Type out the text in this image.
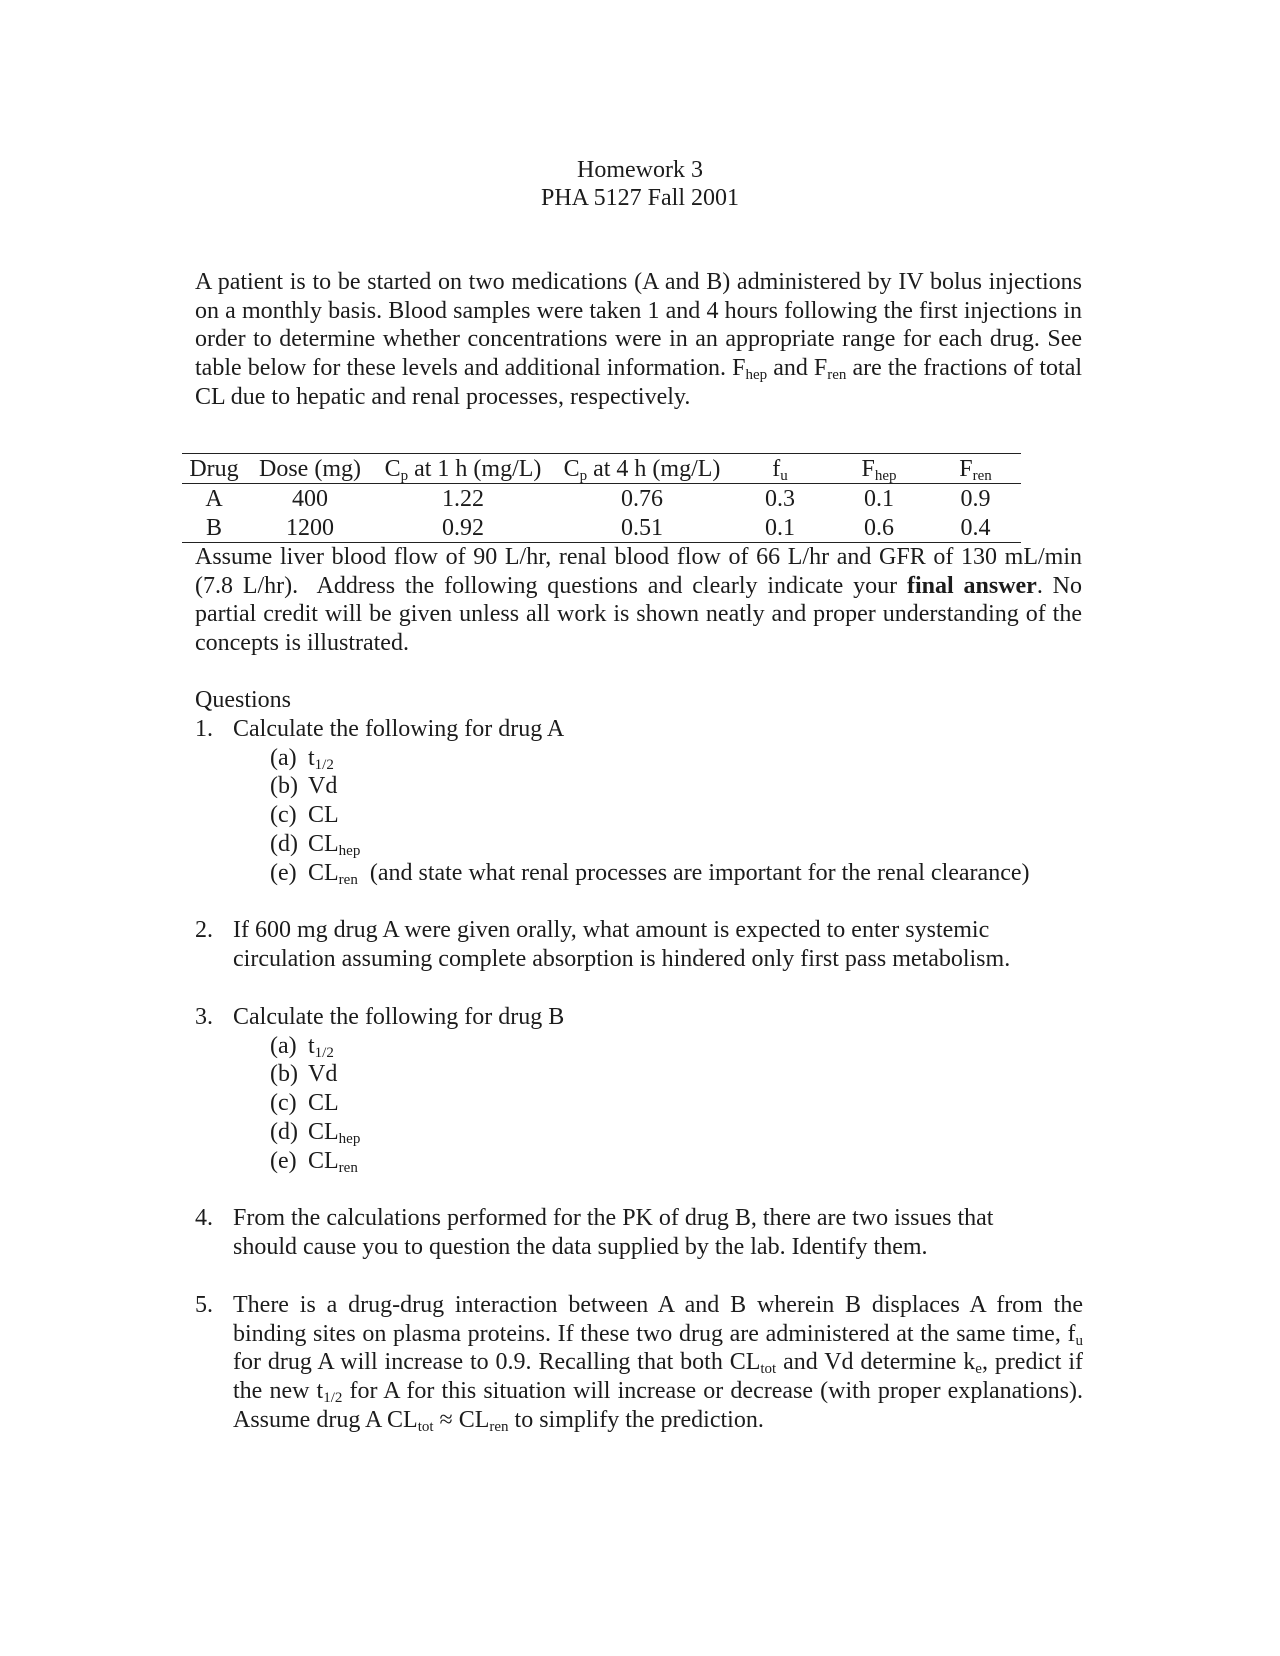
Homework 3
PHA 5127 Fall 2001
A patient is to be started on two medications (A and B) administered by IV bolus injections on a monthly basis. Blood samples were taken 1 and 4 hours following the first injections in order to determine whether concentrations were in an appropriate range for each drug. See table below for these levels and additional information. $F_{hep}$ and $F_{ren}$ are the fractions of total CL due to hepatic and renal processes, respectively.
Drug	Dose (mg)	$C_p$ at 1 h (mg/L)	$C_p$ at 4 h (mg/L)	$f_u$	$F_{hep}$	$F_{ren}$
A	400	1.22	0.76	0.3	0.1	0.9
B	1200	0.92	0.51	0.1	0.6	0.4
Assume liver blood flow of 90 L/hr, renal blood flow of 66 L/hr and GFR of 130 mL/min (7.8 L/hr). Address the following questions and clearly indicate your final answer. No partial credit will be given unless all work is shown neatly and proper understanding of the concepts is illustrated.
Questions
1. Calculate the following for drug A
(a) $t_{1/2}$
(b) Vd
(c) CL
(d) $CL_{hep}$
(e) $CL_{ren}$ (and state what renal processes are important for the renal clearance)
2. If 600 mg drug A were given orally, what amount is expected to enter systemic
circulation assuming complete absorption is hindered only first pass metabolism.
3. Calculate the following for drug B
(a) $t_{1/2}$
(b) Vd
(c) CL
(d) $CL_{hep}$
(e) $CL_{ren}$
4. From the calculations performed for the PK of drug B, there are two issues that
should cause you to question the data supplied by the lab. Identify them.
5. There is a drug-drug interaction between A and B wherein B displaces A from the binding sites on plasma proteins. If these two drug are administered at the same time, $f_u$ for drug A will increase to 0.9. Recalling that both $CL_{tot}$ and Vd determine $k_e$, predict if the new $t_{1/2}$ for A for this situation will increase or decrease (with proper explanations). Assume drug A $CL_{tot} \approx CL_{ren}$ to simplify the prediction.
